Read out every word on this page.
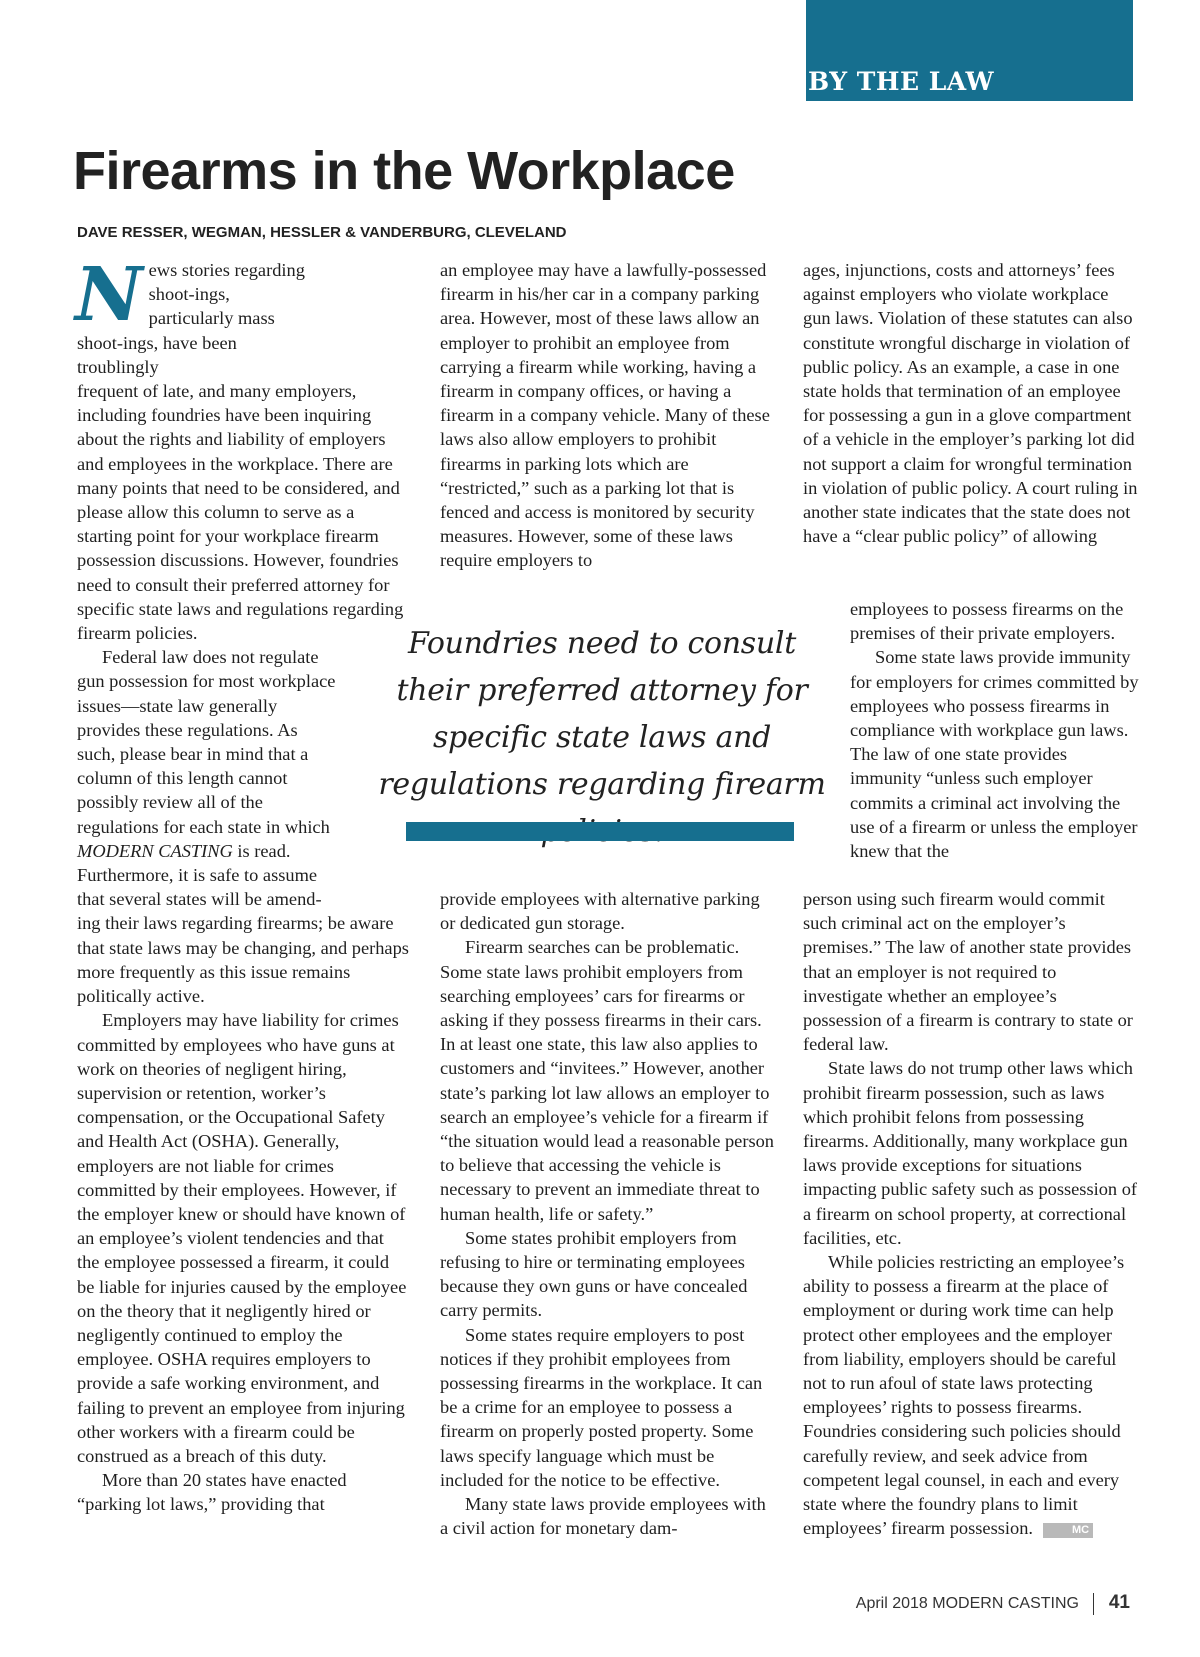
BY THE LAW
Firearms in the Workplace
DAVE RESSER, WEGMAN, HESSLER & VANDERBURG, CLEVELAND

N ews stories regarding shoot-ings, particularly mass shoot-ings, have been troublingly
frequent of late, and many employers, including foundries have been inquiring about the rights and liability of employers and employees in the workplace. There are many points that need to be considered, and please allow this column to serve as a starting point for your workplace firearm possession discussions. However, foundries need to consult their preferred attorney for specific state laws and regulations regarding firearm policies.

Federal law does not regulate gun possession for most workplace issues—state law generally provides these regulations. As such, please bear in mind that a column of this length cannot possibly review all of the regulations for each state in which MODERN CASTING is read. Furthermore, it is safe to assume that several states will be amend-
ing their laws regarding firearms; be aware that state laws may be changing, and perhaps more frequently as this issue remains politically active.

Employers may have liability for crimes committed by employees who have guns at work on theories of negligent hiring, supervision or retention, worker’s compensation, or the Occupational Safety and Health Act (OSHA). Generally, employers are not liable for crimes committed by their employees. However, if the employer knew or should have known of an employee’s violent tendencies and that the employee possessed a firearm, it could be liable for injuries caused by the employee on the theory that it negligently hired or negligently continued to employ the employee. OSHA requires employers to provide a safe working environment, and failing to prevent an employee from injuring other workers with a firearm could be construed as a breach of this duty.

More than 20 states have enacted “parking lot laws,” providing that

an employee may have a lawfully-possessed firearm in his/her car in a company parking area. However, most of these laws allow an employer to prohibit an employee from carrying a firearm while working, having a firearm in company offices, or having a firearm in a company vehicle. Many of these laws also allow employers to prohibit firearms in parking lots which are “restricted,” such as a parking lot that is fenced and access is monitored by security measures. However, some of these laws require employers to

Foundries need to consult their preferred attorney for specific state laws and regulations regarding firearm

provide employees with alternative parking or dedicated gun storage.

Firearm searches can be problematic. Some state laws prohibit employers from searching employees’ cars for firearms or asking if they possess firearms in their cars. In at least one state, this law also applies to customers and “invitees.” However, another state’s parking lot law allows an employer to search an employee’s vehicle for a firearm if “the situation would lead a reasonable person to believe that accessing the vehicle is necessary to prevent an immediate threat to human health, life or safety.”

Some states prohibit employers from refusing to hire or terminating employees because they own guns or have concealed carry permits.

Some states require employers to post notices if they prohibit employees from possessing firearms in the workplace. It can be a crime for an employee to possess a firearm on properly posted property. Some laws specify language which must be included for the notice to be effective.

Many state laws provide employees with a civil action for monetary dam-

ages, injunctions, costs and attorneys’ fees against employers who violate workplace gun laws. Violation of these statutes can also constitute wrongful discharge in violation of public policy. As an example, a case in one state holds that termination of an employee for possessing a gun in a glove compartment of a vehicle in the employer’s parking lot did not support a claim for wrongful termination in violation of public policy. A court ruling in another state indicates that the state does not have a “clear public policy” of allowing

employees to possess firearms on the premises of their private employers.

Some state laws provide immunity for employers for crimes committed by employees who possess firearms in compliance with workplace gun laws. The law of one state provides immunity “unless such employer commits a criminal act involving the use of a firearm or unless the employer knew that the

person using such firearm would commit such criminal act on the employer’s premises.” The law of another state provides that an employer is not required to investigate whether an employee’s possession of a firearm is contrary to state or federal law.

State laws do not trump other laws which prohibit firearm possession, such as laws which prohibit felons from possessing firearms. Additionally, many workplace gun laws provide exceptions for situations impacting public safety such as possession of a firearm on school property, at correctional facilities, etc.

While policies restricting an employee’s ability to possess a firearm at the place of employment or during work time can help protect other employees and the employer from liability, employers should be careful not to run afoul of state laws protecting employees’ rights to possess firearms. Foundries considering such policies should carefully review, and seek advice from competent legal counsel, in each and every state where the foundry plans to limit employees’ firearm possession.	MC

April 2018 MODERN CASTING 41
